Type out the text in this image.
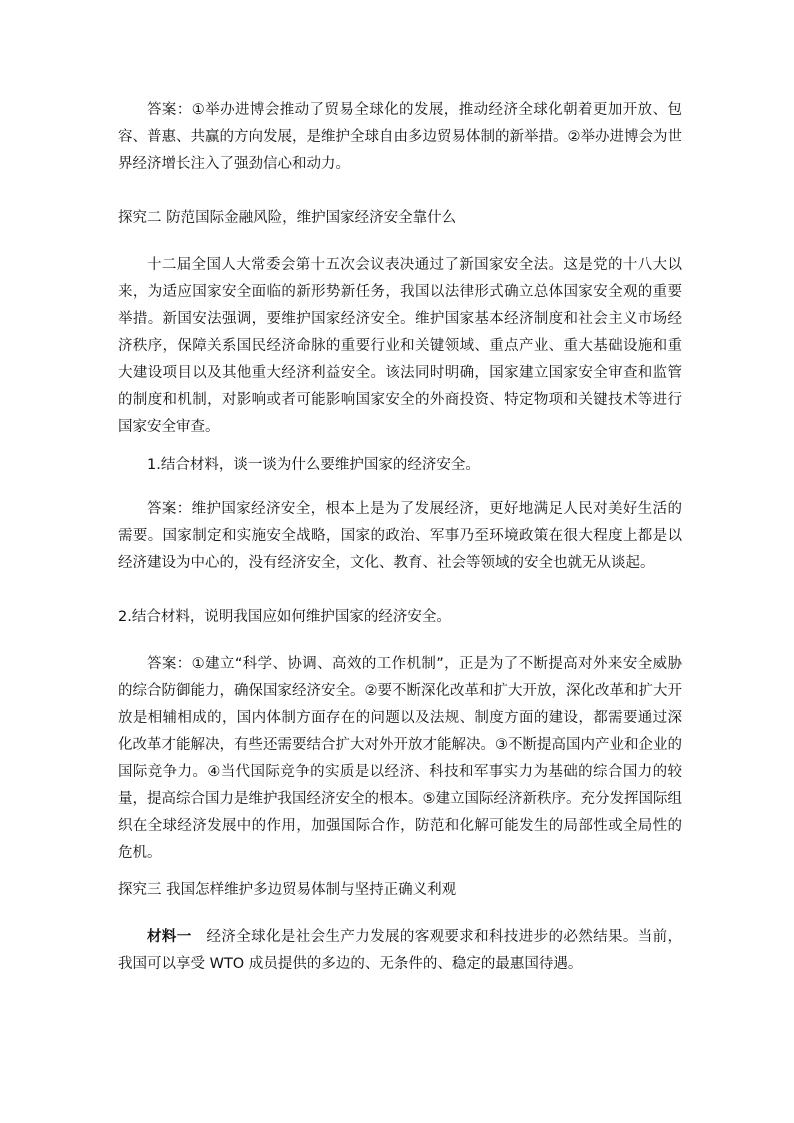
答案：①举办进博会推动了贸易全球化的发展，推动经济全球化朝着更加开放、包容、普惠、共赢的方向发展，是维护全球自由多边贸易体制的新举措。②举办进博会为世界经济增长注入了强劲信心和动力。

探究二 防范国际金融风险，维护国家经济安全靠什么

十二届全国人大常委会第十五次会议表决通过了新国家安全法。这是党的十八大以来，为适应国家安全面临的新形势新任务，我国以法律形式确立总体国家安全观的重要举措。新国安法强调，要维护国家经济安全。维护国家基本经济制度和社会主义市场经济秩序，保障关系国民经济命脉的重要行业和关键领域、重点产业、重大基础设施和重大建设项目以及其他重大经济利益安全。该法同时明确，国家建立国家安全审查和监管的制度和机制，对影响或者可能影响国家安全的外商投资、特定物项和关键技术等进行国家安全审查。

1.结合材料，谈一谈为什么要维护国家的经济安全。

答案：维护国家经济安全，根本上是为了发展经济，更好地满足人民对美好生活的需要。国家制定和实施安全战略，国家的政治、军事乃至环境政策在很大程度上都是以经济建设为中心的，没有经济安全，文化、教育、社会等领域的安全也就无从谈起。

2.结合材料，说明我国应如何维护国家的经济安全。

答案：①建立“科学、协调、高效的工作机制”，正是为了不断提高对外来安全威胁的综合防御能力，确保国家经济安全。②要不断深化改革和扩大开放，深化改革和扩大开放是相辅相成的，国内体制方面存在的问题以及法规、制度方面的建设，都需要通过深化改革才能解决，有些还需要结合扩大对外开放才能解决。③不断提高国内产业和企业的国际竞争力。④当代国际竞争的实质是以经济、科技和军事实力为基础的综合国力的较量，提高综合国力是维护我国经济安全的根本。⑤建立国际经济新秩序。充分发挥国际组织在全球经济发展中的作用，加强国际合作，防范和化解可能发生的局部性或全局性的危机。

探究三 我国怎样维护多边贸易体制与坚持正确义利观

材料一　经济全球化是社会生产力发展的客观要求和科技进步的必然结果。当前，我国可以享受 WTO 成员提供的多边的、无条件的、稳定的最惠国待遇。
